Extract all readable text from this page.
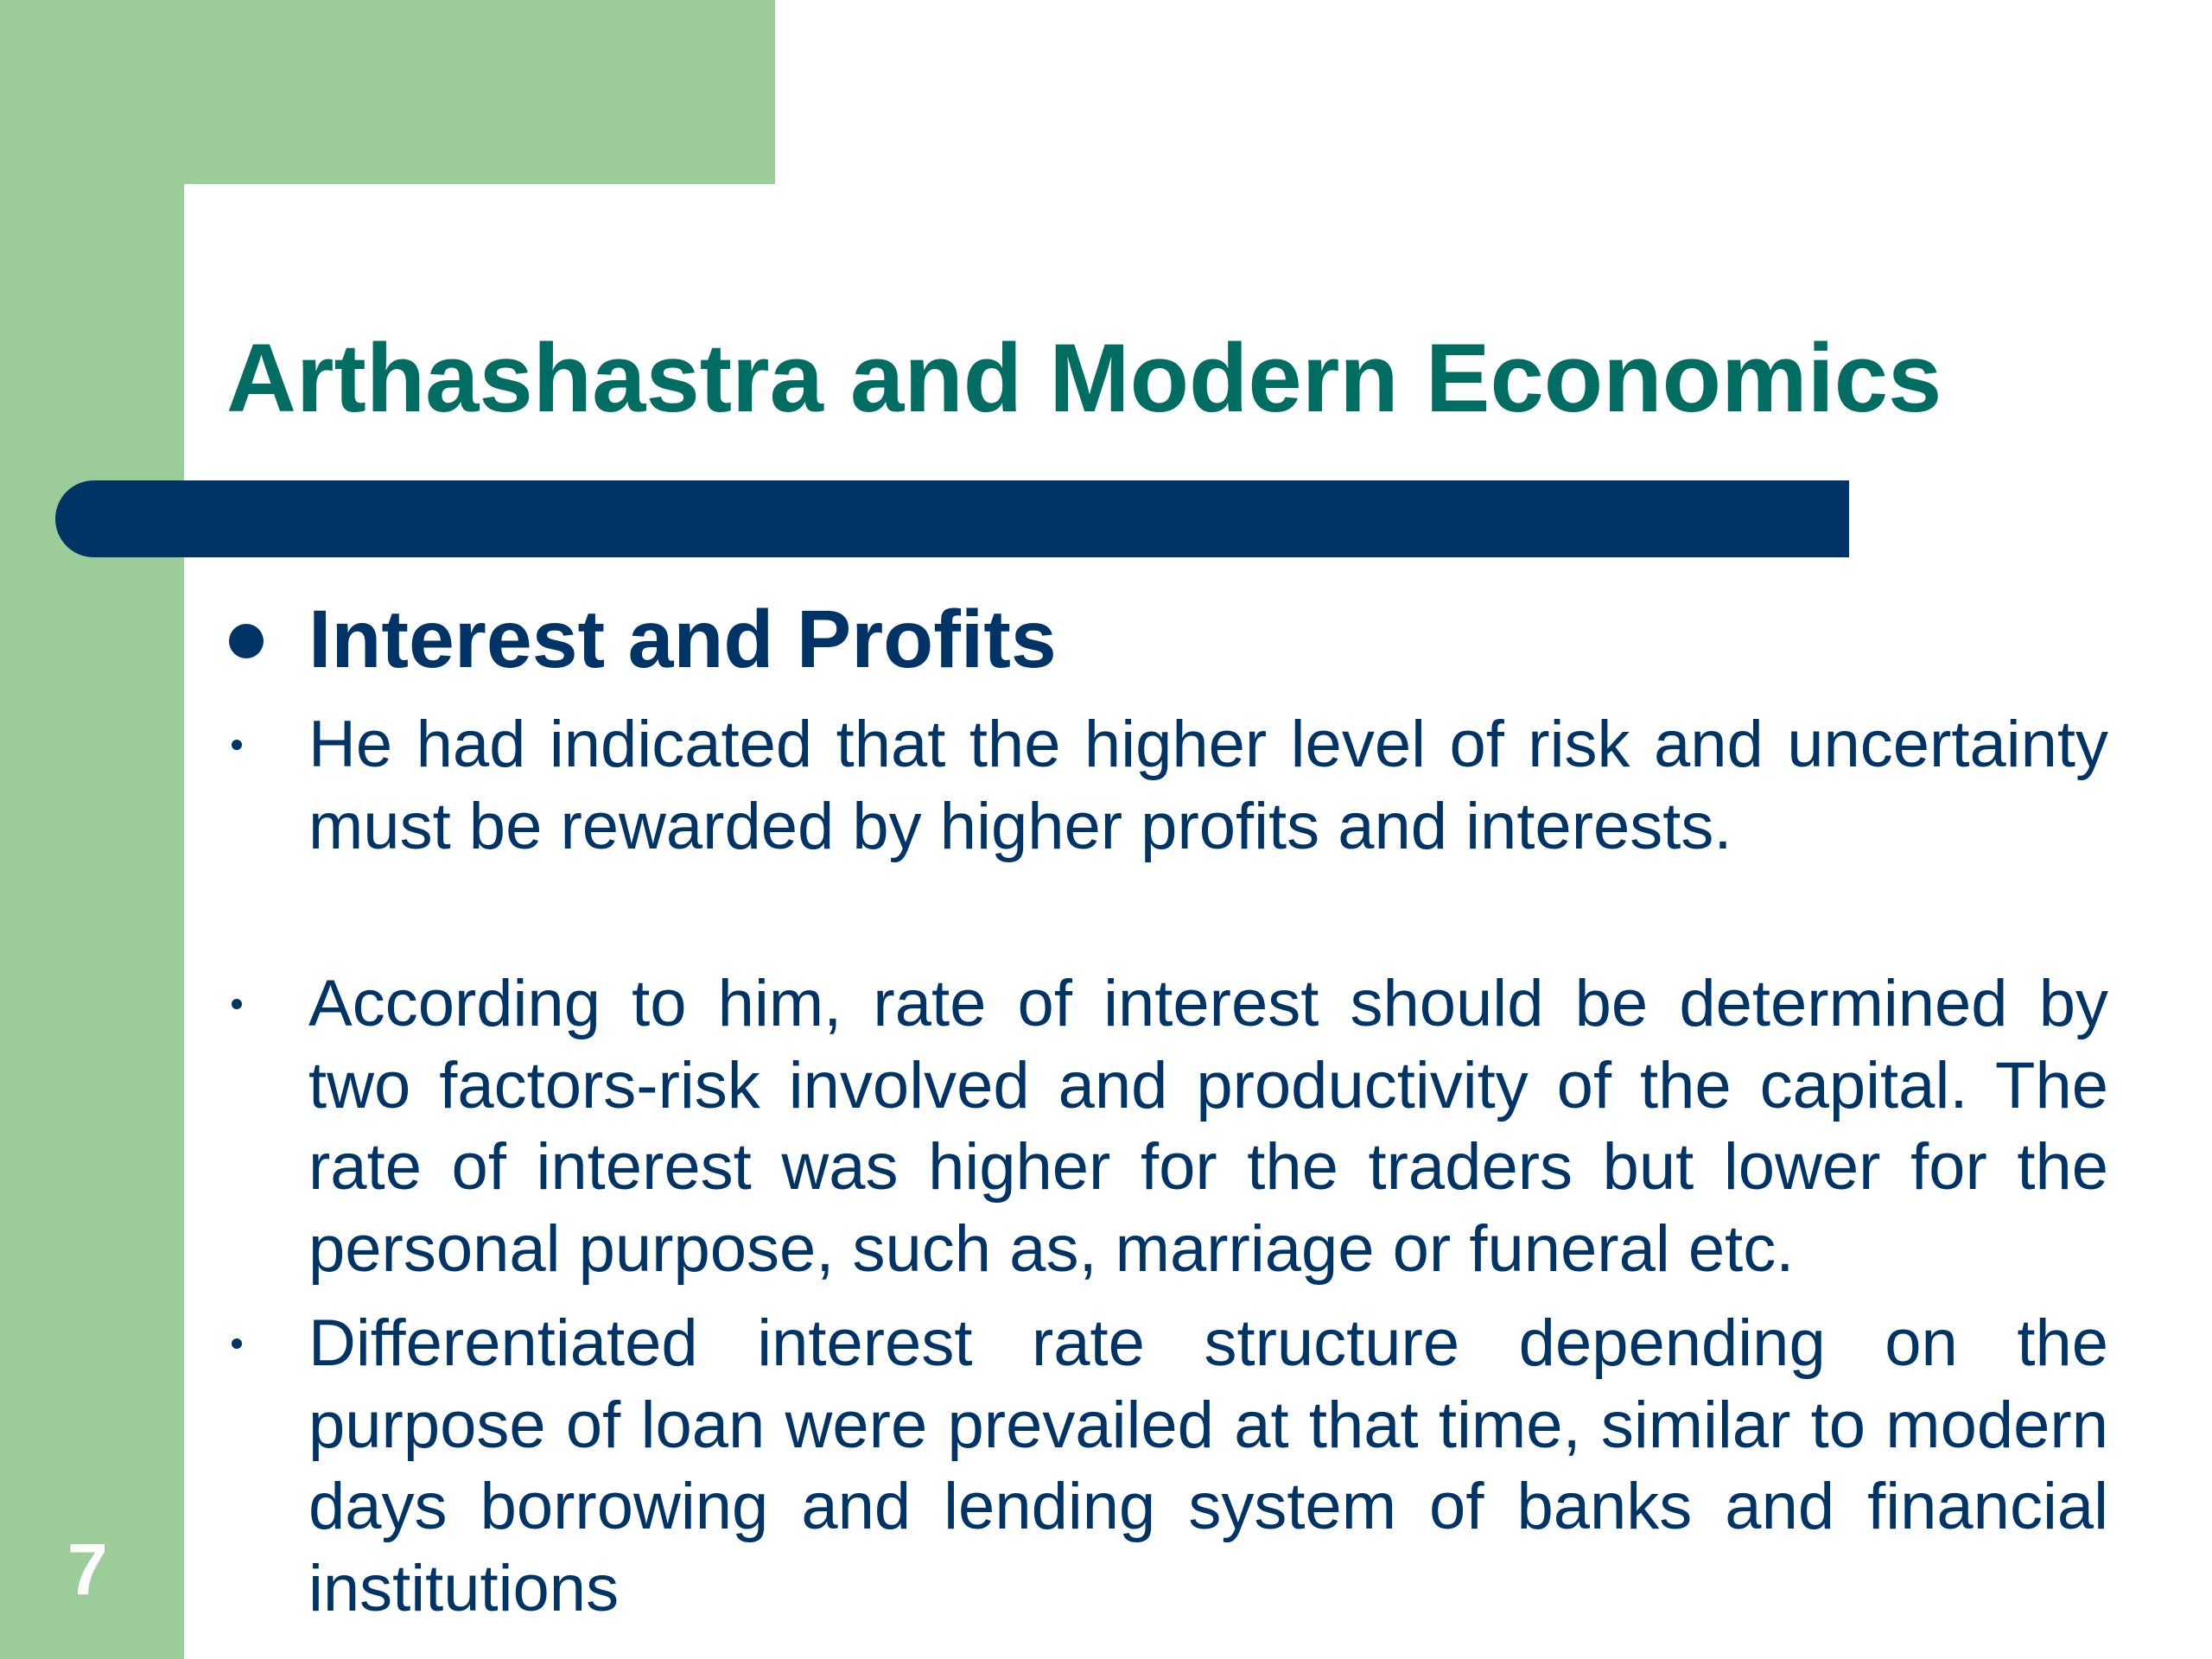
Arthashastra and Modern Economics
Interest and Profits

He had indicated that the higher level of risk and uncertainty must be rewarded by higher profits and interests.

According to him, rate of interest should be determined by two factors-risk involved and productivity of the capital. The rate of interest was higher for the traders but lower for the personal purpose, such as, marriage or funeral etc.

Differentiated interest rate structure depending on the purpose of loan were prevailed at that time, similar to modern days borrowing and lending system of banks and financial institutions

7
